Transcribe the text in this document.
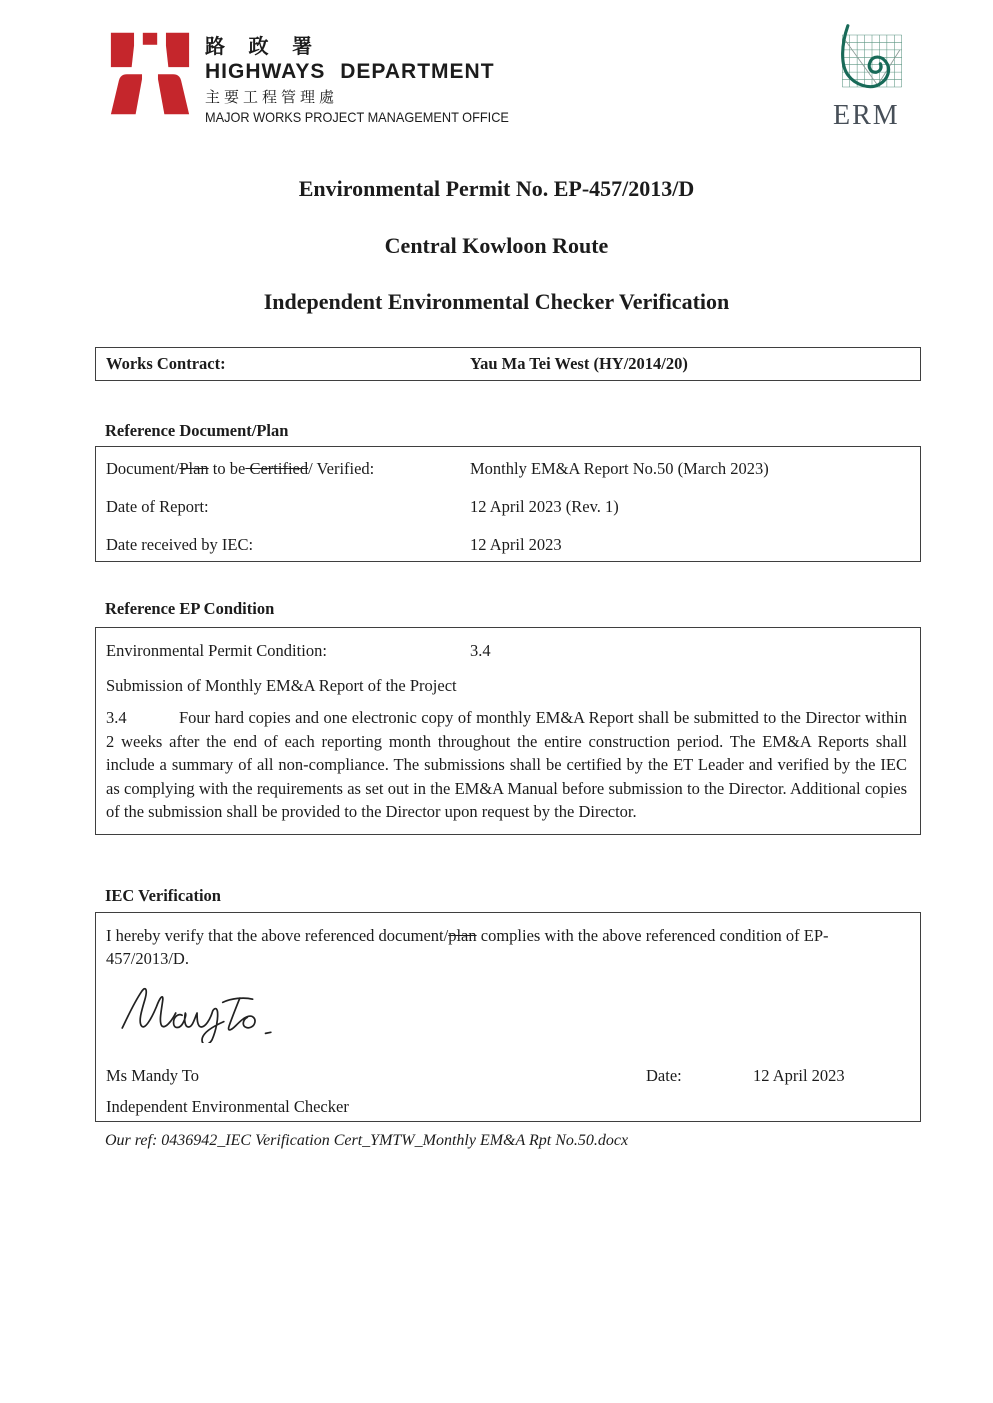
路 政 署
HIGHWAYS DEPARTMENT
主要工程管理處
MAJOR WORKS PROJECT MANAGEMENT OFFICE	ERM
Environmental Permit No. EP-457/2013/D
Central Kowloon Route
Independent Environmental Checker Verification
Works Contract:	Yau Ma Tei West (HY/2014/20)
Reference Document/Plan
Document/Plan to be Certified/ Verified:	Monthly EM&A Report No.50 (March 2023)
Date of Report:	12 April 2023 (Rev. 1)
Date received by IEC:	12 April 2023
Reference EP Condition
Environmental Permit Condition:	3.4
Submission of Monthly EM&A Report of the Project
3.4	Four hard copies and one electronic copy of monthly EM&A Report shall be submitted to the Director within 2 weeks after the end of each reporting month throughout the entire construction period. The EM&A Reports shall include a summary of all non-compliance. The submissions shall be certified by the ET Leader and verified by the IEC as complying with the requirements as set out in the EM&A Manual before submission to the Director. Additional copies of the submission shall be provided to the Director upon request by the Director.
IEC Verification
I hereby verify that the above referenced document/plan complies with the above referenced condition of EP-457/2013/D.
Ms Mandy To	Date:	12 April 2023
Independent Environmental Checker
Our ref: 0436942_IEC Verification Cert_YMTW_Monthly EM&A Rpt No.50.docx
